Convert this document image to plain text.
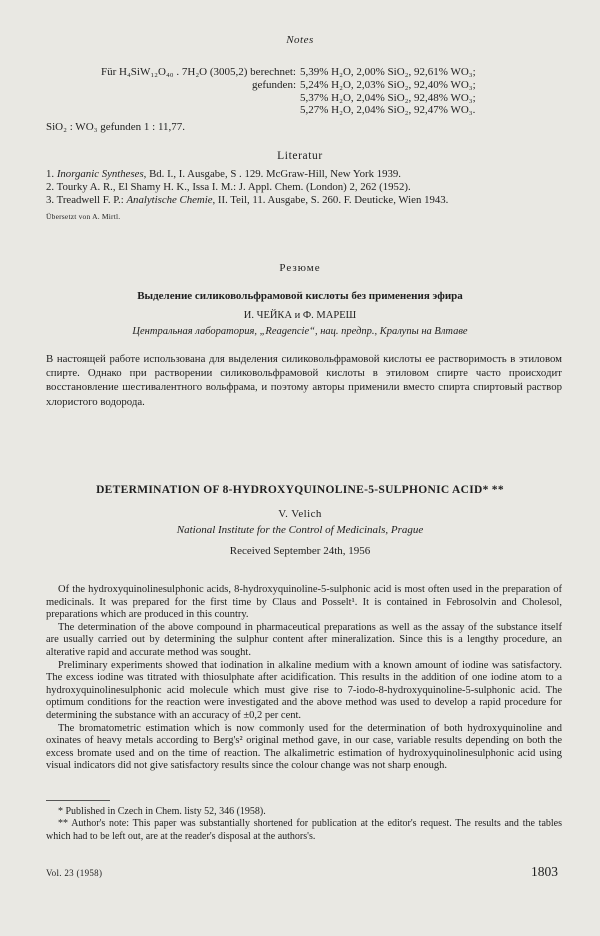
Notes
Für H₄SiW₁₂O₄₀ . 7H₂O (3005,2) berechnet: 5,39% H₂O, 2,00% SiO₂, 92,61% WO₃;
gefunden: 5,24% H₂O, 2,03% SiO₂, 92,40% WO₃;
5,37% H₂O, 2,04% SiO₂, 92,48% WO₃;
5,27% H₂O, 2,04% SiO₂, 92,47% WO₃.
SiO₂ : WO₃ gefunden 1 : 11,77.
Literatur
1. Inorganic Syntheses, Bd. I., I. Ausgabe, S . 129. McGraw-Hill, New York 1939.
2. Tourky A. R., El Shamy H. K., Issa I. M.: J. Appl. Chem. (London) 2, 262 (1952).
3. Treadwell F. P.: Analytische Chemie, II. Teil, 11. Ausgabe, S. 260. F. Deuticke, Wien 1943.
Übersetzt von A. Mirtl.
Резюме
Выделение силиковольфрамовой кислоты без применения эфира
И. ЧЕЙКА и Ф. МАРЕШ
Центральная лаборатория, „Reagencie“, нац. предпр., Кралупы на Влтаве
В настоящей работе использована для выделения силиковольфрамовой кислоты ее растворимость в этиловом спирте. Однако при растворении силиковольфрамовой кислоты в этиловом спирте часто происходит восстановление шестивалентного вольфрама, и поэтому авторы применили вместо спирта спиртовый раствор хлористого водорода.
DETERMINATION OF 8-HYDROXYQUINOLINE-5-SULPHONIC ACID* **
V. Velich
National Institute for the Control of Medicinals, Prague
Received September 24th, 1956

Of the hydroxyquinolinesulphonic acids, 8-hydroxyquinoline-5-sulphonic acid is most often used in the preparation of medicinals. It was prepared for the first time by Claus and Posselt¹. It is contained in Febrosolvin and Cholesol, preparations which are produced in this country.

The determination of the above compound in pharmaceutical preparations as well as the assay of the substance itself are usually carried out by determining the sulphur content after mineralization. Since this is a lengthy procedure, an alterative rapid and accurate method was sought.

Preliminary experiments showed that iodination in alkaline medium with a known amount of iodine was satisfactory. The excess iodine was titrated with thiosulphate after acidification. This results in the addition of one iodine atom to a hydroxyquinolinesulphonic acid molecule which must give rise to 7-iodo-8-hydroxyquinoline-5-sulphonic acid. The optimum conditions for the reaction were investigated and the above method was used to develop a rapid procedure for determining the substance with an accuracy of ±0,2 per cent.

The bromatometric estimation which is now commonly used for the determination of both hydroxyquinoline and oxinates of heavy metals according to Berg's² original method gave, in our case, variable results depending on both the excess bromate used and on the time of reaction. The alkalimetric estimation of hydroxyquinolinesulphonic acid using visual indicators did not give satisfactory results since the colour change was not sharp enough.

* Published in Czech in Chem. listy 52, 346 (1958).

** Author's note: This paper was substantially shortened for publication at the editor's request. The results and the tables which had to be left out, are at the reader's disposal at the authors's.

Vol. 23 (1958)	1803
